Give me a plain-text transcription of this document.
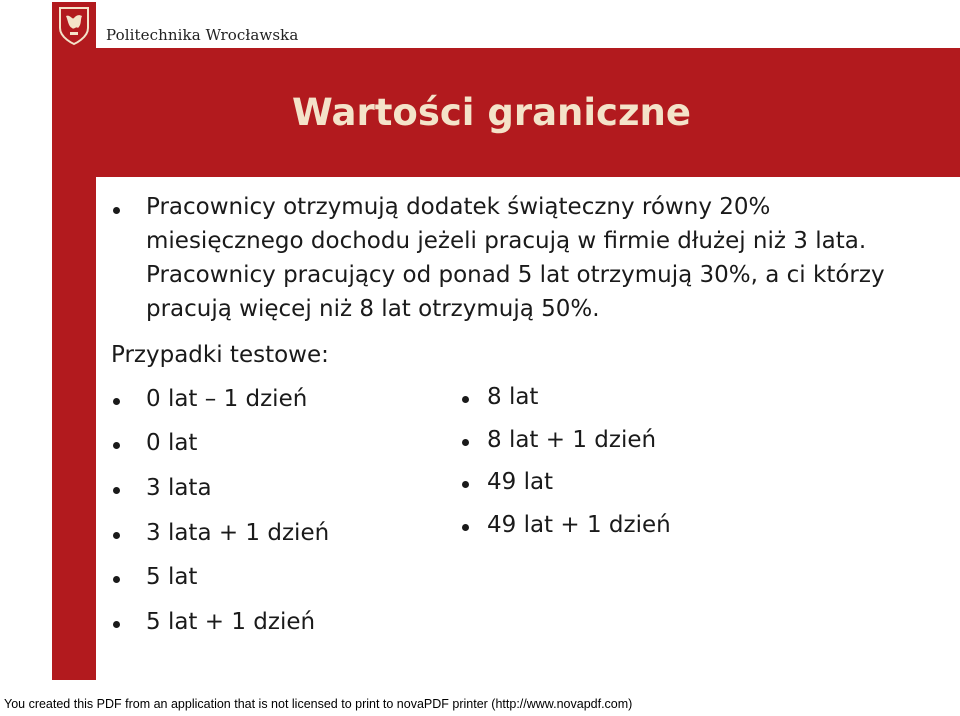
Politechnika Wrocławska
Wartości graniczne
Pracownicy otrzymują dodatek świąteczny równy 20%
miesięcznego dochodu jeżeli pracują w firmie dłużej niż 3 lata.
Pracownicy pracujący od ponad 5 lat otrzymują 30%, a ci którzy
pracują więcej niż 8 lat otrzymują 50%.
Przypadki testowe:
0 lat – 1 dzień
0 lat
3 lata
3 lata + 1 dzień
5 lat
5 lat + 1 dzień
8 lat
8 lat + 1 dzień
49 lat
49 lat + 1 dzień
You created this PDF from an application that is not licensed to print to novaPDF printer (http://www.novapdf.com)
